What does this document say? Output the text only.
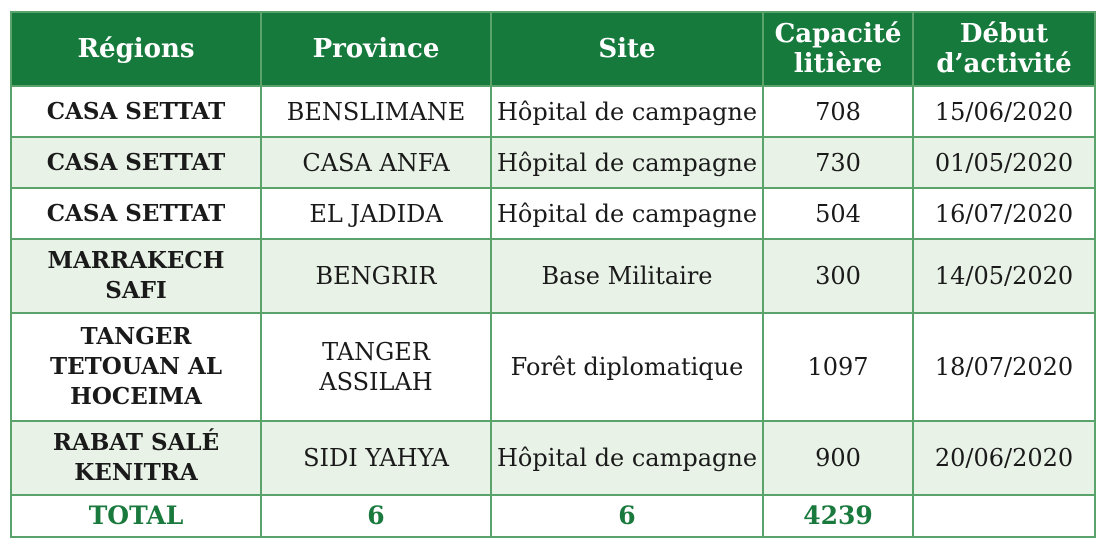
Régions	Province	Site	Capacité litière	Début d’activité
CASA SETTAT	BENSLIMANE	Hôpital de campagne	708	15/06/2020
CASA SETTAT	CASA ANFA	Hôpital de campagne	730	01/05/2020
CASA SETTAT	EL JADIDA	Hôpital de campagne	504	16/07/2020
MARRAKECH SAFI	BENGRIR	Base Militaire	300	14/05/2020
TANGER TETOUAN AL HOCEIMA	TANGER ASSILAH	Forêt diplomatique	1097	18/07/2020
RABAT SALÉ KENITRA	SIDI YAHYA	Hôpital de campagne	900	20/06/2020
TOTAL	6	6	4239	
